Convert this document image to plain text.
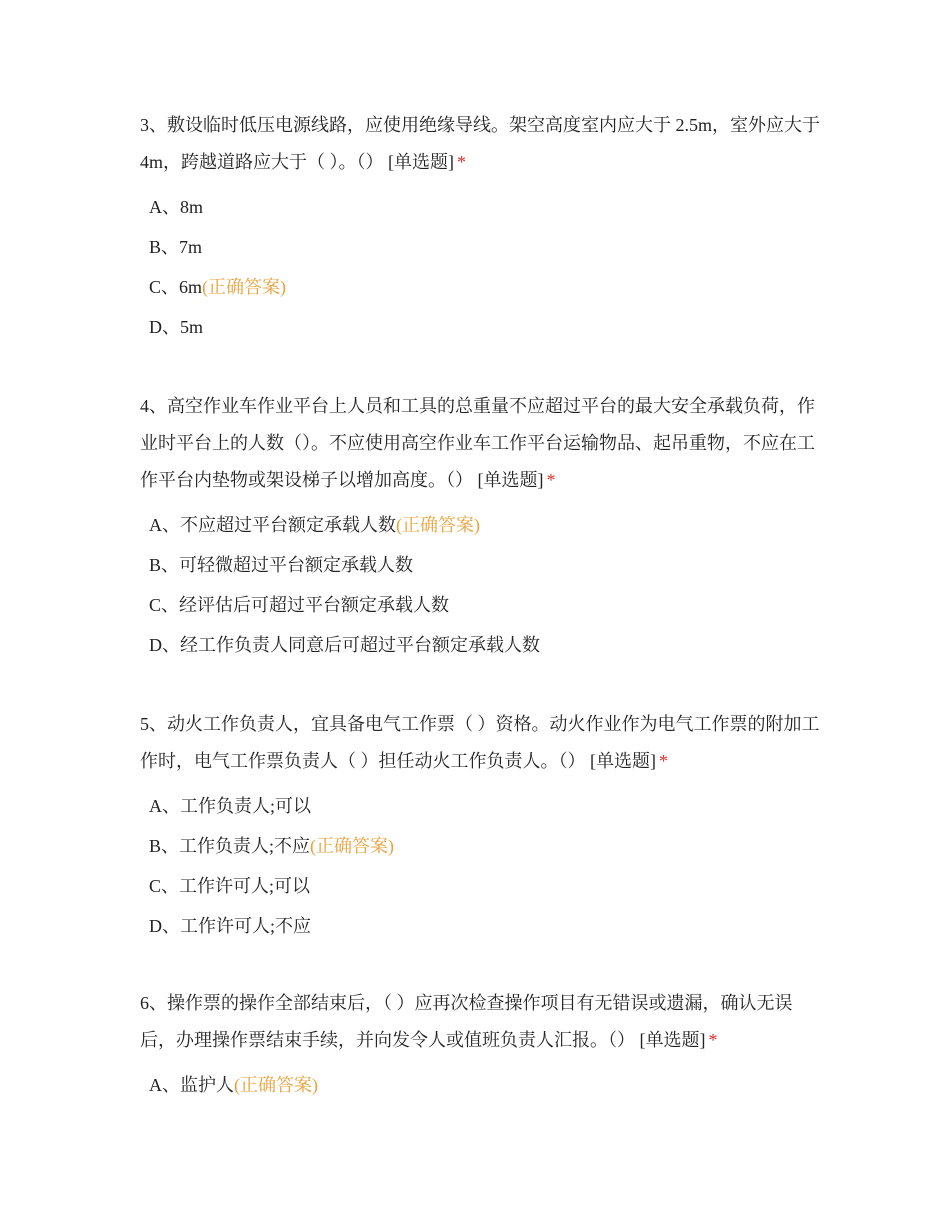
3、敷设临时低压电源线路，应使用绝缘导线。架空高度室内应大于 2.5m，室外应大于 4m，跨越道路应大于（ ）。（） [单选题] *

A、8m
B、7m
C、6m(正确答案)
D、5m

4、高空作业车作业平台上人员和工具的总重量不应超过平台的最大安全承载负荷，作业时平台上的人数（）。不应使用高空作业车工作平台运输物品、起吊重物，不应在工作平台内垫物或架设梯子以增加高度。（） [单选题] *

A、不应超过平台额定承载人数(正确答案)
B、可轻微超过平台额定承载人数
C、经评估后可超过平台额定承载人数
D、经工作负责人同意后可超过平台额定承载人数

5、动火工作负责人，宜具备电气工作票（ ）资格。动火作业作为电气工作票的附加工作时，电气工作票负责人（ ）担任动火工作负责人。（） [单选题] *

A、工作负责人;可以
B、工作负责人;不应(正确答案)
C、工作许可人;可以
D、工作许可人;不应

6、操作票的操作全部结束后，（ ）应再次检查操作项目有无错误或遗漏，确认无误后，办理操作票结束手续，并向发令人或值班负责人汇报。（） [单选题] *

A、监护人(正确答案)
